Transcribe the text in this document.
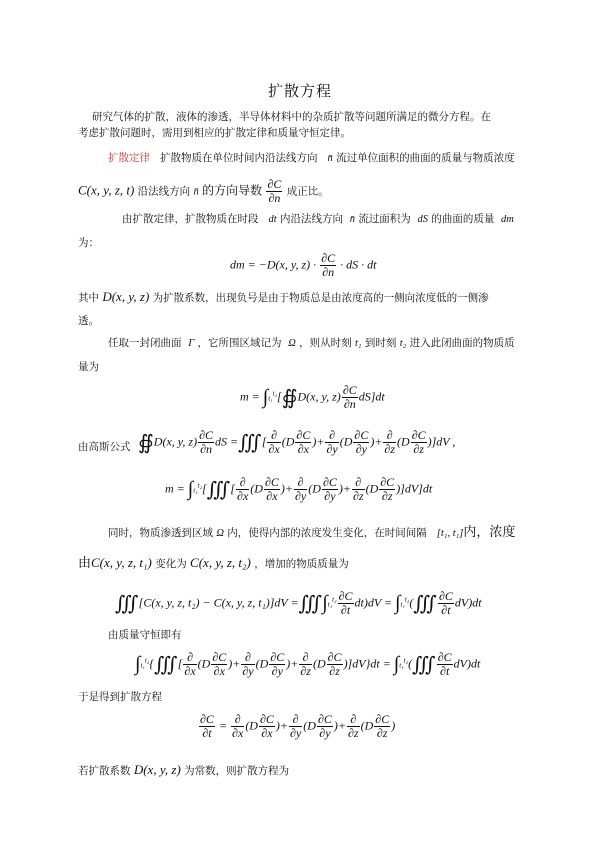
扩散方程
研究气体的扩散，液体的渗透，半导体材料中的杂质扩散等问题所满足的微分方程。在
考虑扩散问题时，需用到相应的扩散定律和质量守恒定律。
扩散定律 扩散物质在单位时间内沿法线方向 n̄ 流过单位面积的曲面的质量与物质浓度
C(x, y, z, t) 沿法线方向 n̄ 的方向导数 $\frac{\partial C}{\partial n}$ 成正比。
由扩散定律，扩散物质在时段 dt 内沿法线方向 n̄ 流过面积为 dS 的曲面的质量 dm
为：
dm = −D(x, y, $z) \cdot \frac{\partial C}{\partial n}$ · dS · dt
其中 D(x, y, z) 为扩散系数，出现负号是由于物质总是由浓度高的一侧向浓度低的一侧渗
透。
任取一封闭曲面 Γ ，它所围区域记为 Ω ，则从时刻 t₁ 到时刻 t₂ 进入此闭曲面的物质质
量为
m = ∫t₁$^{t_2}$[∯D(x, y, $z) \frac{\partial C}{\partial n} dS]dt$
由高斯公式 ∯D(x, y, $z) \frac{\partial C}{\partial n}$ dS =∭[ $\frac{\partial}{\partial x} (D \frac{\partial C}{\partial x}$ )+ $\frac{\partial}{\partial y} (D \frac{\partial C}{\partial y}$ )+ $\frac{\partial}{\partial z} (D \frac{\partial C}{\partial z} )]dV$ ,
m = ∫t₁$^{t_2}$[∭[ $\frac{\partial}{\partial x} (D \frac{\partial C}{\partial x}$ )+ $\frac{\partial}{\partial y} (D \frac{\partial C}{\partial y}$ )+ $\frac{\partial}{\partial z} (D \frac{\partial C}{\partial z} )]dV]dt$
同时，物质渗透到区域 Ω 内，使得内部的浓度发生变化，在时间间隔 [t₁, t₁]内，浓度
由C(x, y, z, t₁) 变化为 C(x, y, z, t₂) ，增加的物质质量为
∭[C(x, y, z, t₂) − C(x, y, z, t₁)]dV =∭∫t₁$^{t_2}$ $\frac{\partial C}{\partial t} dt)dV$ = ∫t₁$^{t_2}$(∭ $\frac{\partial C}{\partial t} dV)dt$
由质量守恒即有
∫t₁$^{t_2}${∭[ $\frac{\partial}{\partial x} (D \frac{\partial C}{\partial x}$ )+ $\frac{\partial}{\partial y} (D \frac{\partial C}{\partial y}$ )+ $\frac{\partial}{\partial z} (D \frac{\partial C}{\partial z} )]dV\}dt$ = ∫t₁$^{t_2}$(∭ $\frac{\partial C}{\partial t} dV)dt$
于是得到扩散方程
$\frac{\partial C}{\partial t} = \frac{\partial}{\partial x} (D \frac{\partial C}{\partial x}$ )+ $\frac{\partial}{\partial y} (D \frac{\partial C}{\partial y}$ )+ $\frac{\partial}{\partial z} (D \frac{\partial C}{\partial z}$ )
若扩散系数 D(x, y, z) 为常数，则扩散方程为
